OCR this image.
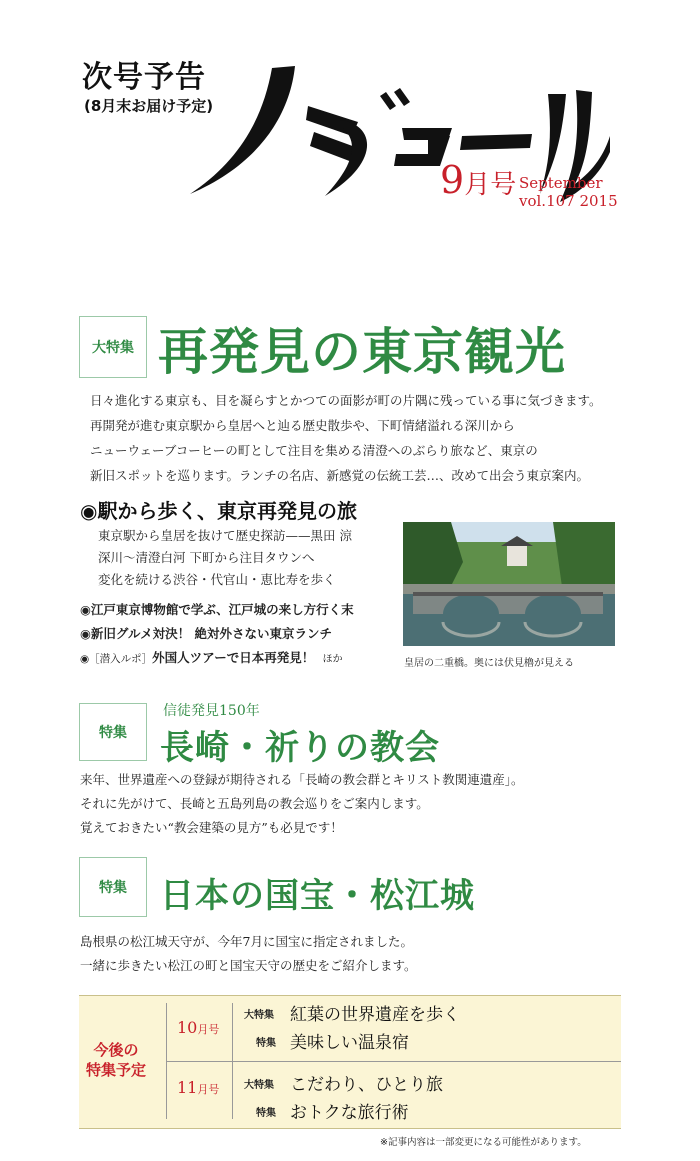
次号予告
(8月末お届け予定)
9月号 September
vol.107 2015
大特集 再発見の東京観光
日々進化する東京も、目を凝らすとかつての面影が町の片隅に残っている事に気づきます。
再開発が進む東京駅から皇居へと辿る歴史散歩や、下町情緒溢れる深川から
ニューウェーブコーヒーの町として注目を集める清澄へのぶらり旅など、東京の
新旧スポットを巡ります。ランチの名店、新感覚の伝統工芸…、改めて出会う東京案内。
◉駅から歩く、東京再発見の旅
東京駅から皇居を抜けて歴史探訪——黒田 涼
深川〜清澄白河 下町から注目タウンへ
変化を続ける渋谷・代官山・恵比寿を歩く
◉江戸東京博物館で学ぶ、江戸城の来し方行く末
◉新旧グルメ対決！ 絶対外さない東京ランチ
◉［潜入ルポ］外国人ツアーで日本再発見！ ほか	皇居の二重橋。奥には伏見櫓が見える
特集
信徒発見150年
長崎・祈りの教会
来年、世界遺産への登録が期待される「長崎の教会群とキリスト教関連遺産」。
それに先がけて、長崎と五島列島の教会巡りをご案内します。
覚えておきたい“教会建築の見方”も必見です！
特集 日本の国宝・松江城
島根県の松江城天守が、今年7月に国宝に指定されました。
一緒に歩きたい松江の町と国宝天守の歴史をご紹介します。
今後の
特集予定
10月号
大特集 紅葉の世界遺産を歩く
特集 美味しい温泉宿
11月号 大特集 こだわり、ひとり旅
特集 おトクな旅行術
※記事内容は一部変更になる可能性があります。
